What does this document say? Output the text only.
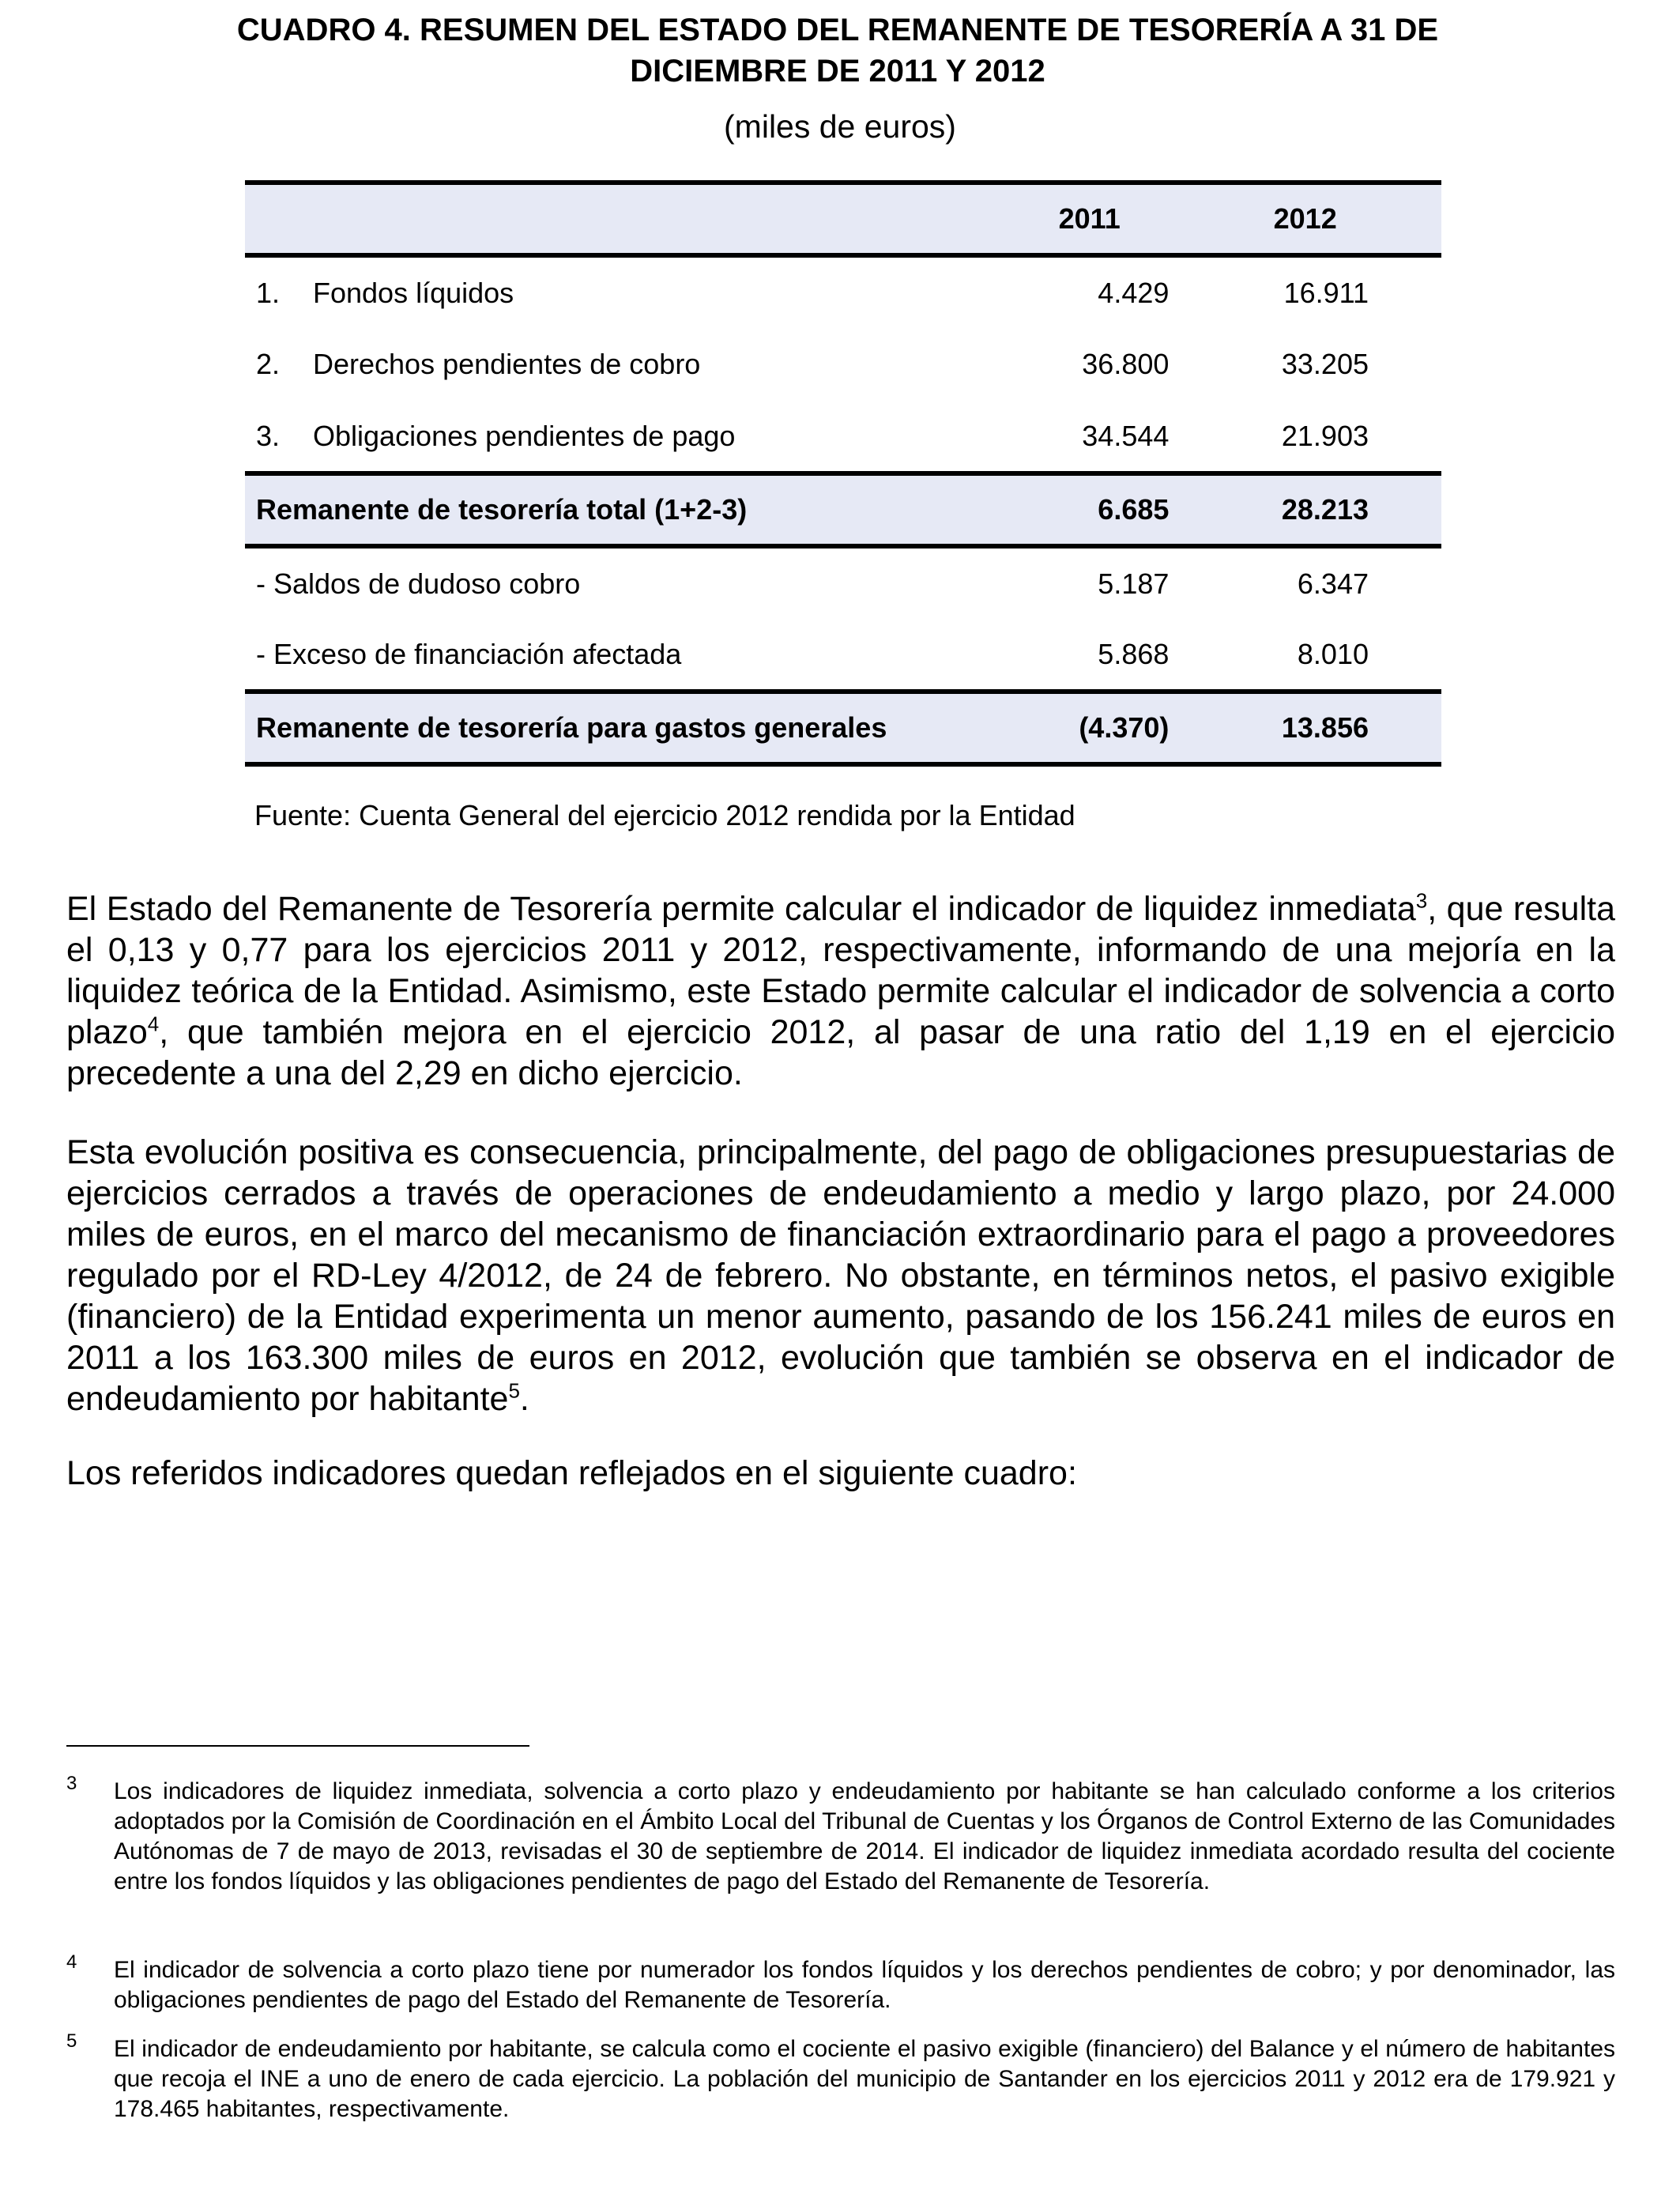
CUADRO 4. RESUMEN DEL ESTADO DEL REMANENTE DE TESORERÍA A 31 DE
DICIEMBRE DE 2011 Y 2012
(miles de euros)
	2011	2012
1. Fondos líquidos	4.429	16.911
2. Derechos pendientes de cobro	36.800	33.205
3. Obligaciones pendientes de pago	34.544	21.903
Remanente de tesorería total (1+2-3)	6.685	28.213
- Saldos de dudoso cobro	5.187	6.347
- Exceso de financiación afectada	5.868	8.010
Remanente de tesorería para gastos generales	(4.370)	13.856
Fuente: Cuenta General del ejercicio 2012 rendida por la Entidad
El Estado del Remanente de Tesorería permite calcular el indicador de liquidez inmediata$^3$, que resulta el 0,13 y 0,77 para los ejercicios 2011 y 2012, respectivamente, informando de una mejoría en la liquidez teórica de la Entidad. Asimismo, este Estado permite calcular el indicador de solvencia a corto plazo$^4$, que también mejora en el ejercicio 2012, al pasar de una ratio del 1,19 en el ejercicio precedente a una del 2,29 en dicho ejercicio.
Esta evolución positiva es consecuencia, principalmente, del pago de obligaciones presupuestarias de ejercicios cerrados a través de operaciones de endeudamiento a medio y largo plazo, por 24.000 miles de euros, en el marco del mecanismo de financiación extraordinario para el pago a proveedores regulado por el RD-Ley 4/2012, de 24 de febrero. No obstante, en términos netos, el pasivo exigible (financiero) de la Entidad experimenta un menor aumento, pasando de los 156.241 miles de euros en 2011 a los 163.300 miles de euros en 2012, evolución que también se observa en el indicador de endeudamiento por habitante$^5$.
Los referidos indicadores quedan reflejados en el siguiente cuadro:
3 Los indicadores de liquidez inmediata, solvencia a corto plazo y endeudamiento por habitante se han calculado conforme a los criterios adoptados por la Comisión de Coordinación en el Ámbito Local del Tribunal de Cuentas y los Órganos de Control Externo de las Comunidades Autónomas de 7 de mayo de 2013, revisadas el 30 de septiembre de 2014. El indicador de liquidez inmediata acordado resulta del cociente entre los fondos líquidos y las obligaciones pendientes de pago del Estado del Remanente de Tesorería.
4 El indicador de solvencia a corto plazo tiene por numerador los fondos líquidos y los derechos pendientes de cobro; y por denominador, las obligaciones pendientes de pago del Estado del Remanente de Tesorería.
5 El indicador de endeudamiento por habitante, se calcula como el cociente el pasivo exigible (financiero) del Balance y el número de habitantes que recoja el INE a uno de enero de cada ejercicio. La población del municipio de Santander en los ejercicios 2011 y 2012 era de 179.921 y 178.465 habitantes, respectivamente.
